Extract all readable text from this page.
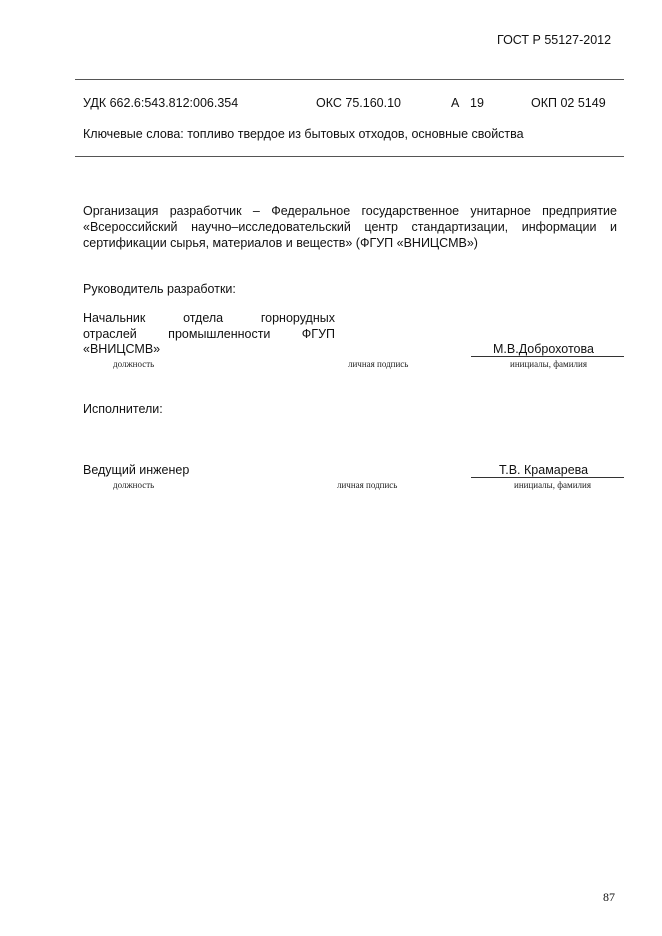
ГОСТ Р 55127-2012
УДК 662.6:543.812:006.354	ОКС 75.160.10	А 19	ОКП 02 5149
Ключевые слова: топливо твердое из бытовых отходов, основные свойства
Организация разработчик – Федеральное государственное унитарное предприятие
«Всероссийский научно–исследовательский центр стандартизации, информации и
сертификации сырья, материалов и веществ» (ФГУП «ВНИЦСМВ»)
Руководитель разработки:
Начальник отдела горнорудных
отраслей промышленности ФГУП
«ВНИЦСМВ»	М.В.Доброхотова
должность	личная подпись	инициалы, фамилия
Исполнители:
Ведущий инженер	Т.В. Крамарева
должность	личная подпись	инициалы, фамилия
87
